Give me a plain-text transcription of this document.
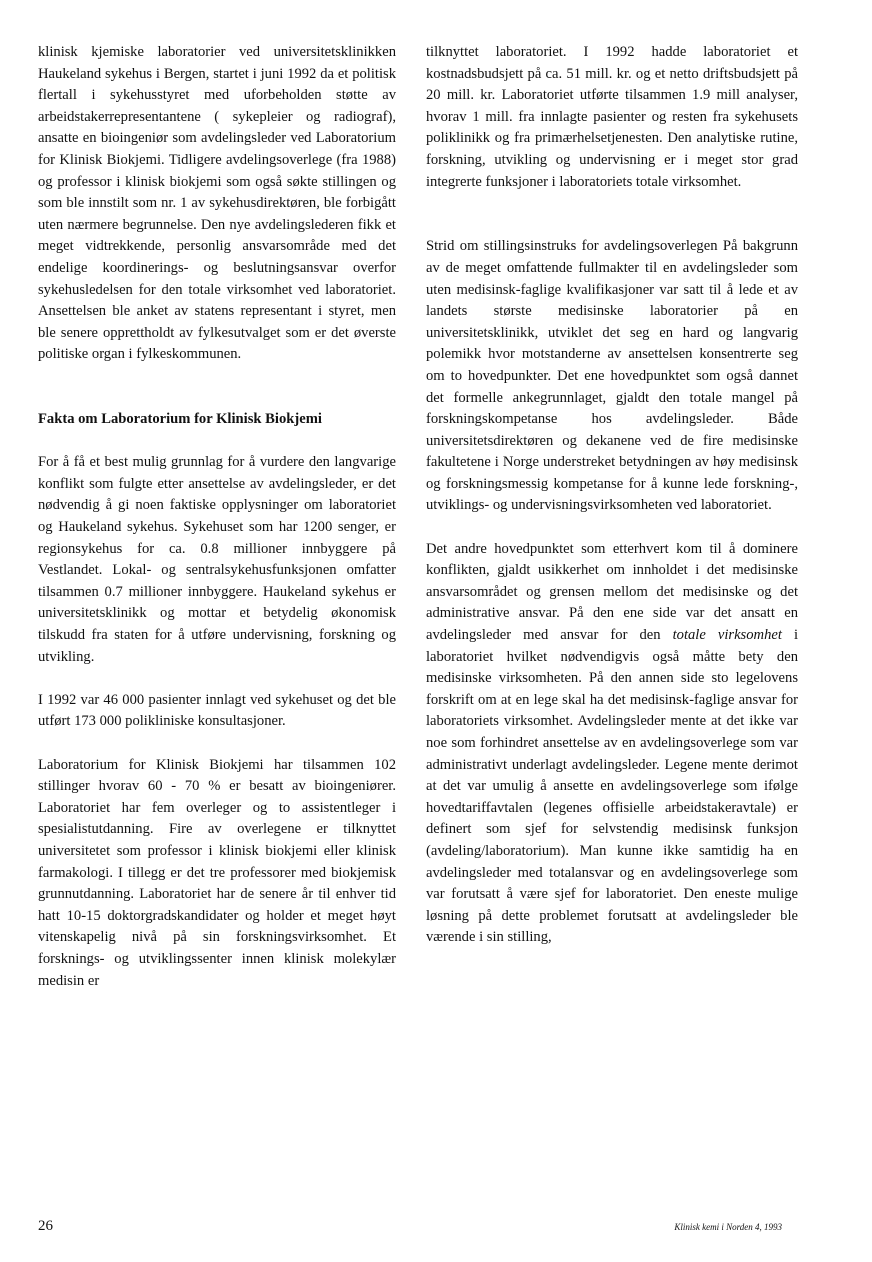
klinisk kjemiske laboratorier ved universitetsklinikken Haukeland sykehus i Bergen, startet i juni 1992 da et politisk flertall i sykehusstyret med uforbeholden støtte av arbeidstakerrepresentantene ( sykepleier og radiograf), ansatte en bioingeniør som avdelingsleder ved Laboratorium for Klinisk Biokjemi. Tidligere avdelingsoverlege (fra 1988) og professor i klinisk biokjemi som også søkte stillingen og som ble innstilt som nr. 1 av sykehusdirektøren, ble forbigått uten nærmere begrunnelse. Den nye avdelingslederen fikk et meget vidtrekkende, personlig ansvarsområde med det endelige koordinerings- og beslutningsansvar overfor sykehusledelsen for den totale virksomhet ved laboratoriet. Ansettelsen ble anket av statens representant i styret, men ble senere opprettholdt av fylkesutvalget som er det øverste politiske organ i fylkeskommunen.

Fakta om Laboratorium for Klinisk Biokjemi

For å få et best mulig grunnlag for å vurdere den langvarige konflikt som fulgte etter ansettelse av avdelingsleder, er det nødvendig å gi noen faktiske opplysninger om laboratoriet og Haukeland sykehus. Sykehuset som har 1200 senger, er regionsykehus for ca. 0.8 millioner innbyggere på Vestlandet. Lokal- og sentralsykehusfunksjonen omfatter tilsammen 0.7 millioner innbyggere. Haukeland sykehus er universitetsklinikk og mottar et betydelig økonomisk tilskudd fra staten for å utføre undervisning, forskning og utvikling.

I 1992 var 46 000 pasienter innlagt ved sykehuset og det ble utført 173 000 polikliniske konsultasjoner.

Laboratorium for Klinisk Biokjemi har tilsammen 102 stillinger hvorav 60 - 70 % er besatt av bioingeniører. Laboratoriet har fem overleger og to assistentleger i spesialistutdanning. Fire av overlegene er tilknyttet universitetet som professor i klinisk biokjemi eller klinisk farmakologi. I tillegg er det tre professorer med biokjemisk grunnutdanning. Laboratoriet har de senere år til enhver tid hatt 10-15 doktorgradskandidater og holder et meget høyt vitenskapelig nivå på sin forskningsvirksomhet. Et forsknings- og utviklingssenter innen klinisk molekylær medisin er

tilknyttet laboratoriet. I 1992 hadde laboratoriet et kostnadsbudsjett på ca. 51 mill. kr. og et netto driftsbudsjett på 20 mill. kr. Laboratoriet utførte tilsammen 1.9 mill analyser, hvorav 1 mill. fra innlagte pasienter og resten fra sykehusets poliklinikk og fra primærhelsetjenesten. Den analytiske rutine, forskning, utvikling og undervisning er i meget stor grad integrerte funksjoner i laboratoriets totale virksomhet.

Strid om stillingsinstruks for avdelingsoverlegen På bakgrunn av de meget omfattende fullmakter til en avdelingsleder som uten medisinsk-faglige kvalifikasjoner var satt til å lede et av landets største medisinske laboratorier på en universitetsklinikk, utviklet det seg en hard og langvarig polemikk hvor motstanderne av ansettelsen konsentrerte seg om to hovedpunkter. Det ene hovedpunktet som også dannet det formelle ankegrunnlaget, gjaldt den totale mangel på forskningskompetanse hos avdelingsleder. Både universitetsdirektøren og dekanene ved de fire medisinske fakultetene i Norge understreket betydningen av høy medisinsk og forskningsmessig kompetanse for å kunne lede forskning-, utviklings- og undervisningsvirksomheten ved laboratoriet.

Det andre hovedpunktet som etterhvert kom til å dominere konflikten, gjaldt usikkerhet om innholdet i det medisinske ansvarsområdet og grensen mellom det medisinske og det administrative ansvar. På den ene side var det ansatt en avdelingsleder med ansvar for den totale virksomhet i laboratoriet hvilket nødvendigvis også måtte bety den medisinske virksomheten. På den annen side sto legelovens forskrift om at en lege skal ha det medisinsk-faglige ansvar for laboratoriets virksomhet. Avdelingsleder mente at det ikke var noe som forhindret ansettelse av en avdelingsoverlege som var administrativt underlagt avdelingsleder. Legene mente derimot at det var umulig å ansette en avdelingsoverlege som ifølge hovedtariffavtalen (legenes offisielle arbeidstakeravtale) er definert som sjef for selvstendig medisinsk funksjon (avdeling/laboratorium). Man kunne ikke samtidig ha en avdelingsleder med totalansvar og en avdelingsoverlege som var forutsatt å være sjef for laboratoriet. Den eneste mulige løsning på dette problemet forutsatt at avdelingsleder ble værende i sin stilling,

26	Klinisk kemi i Norden 4, 1993
